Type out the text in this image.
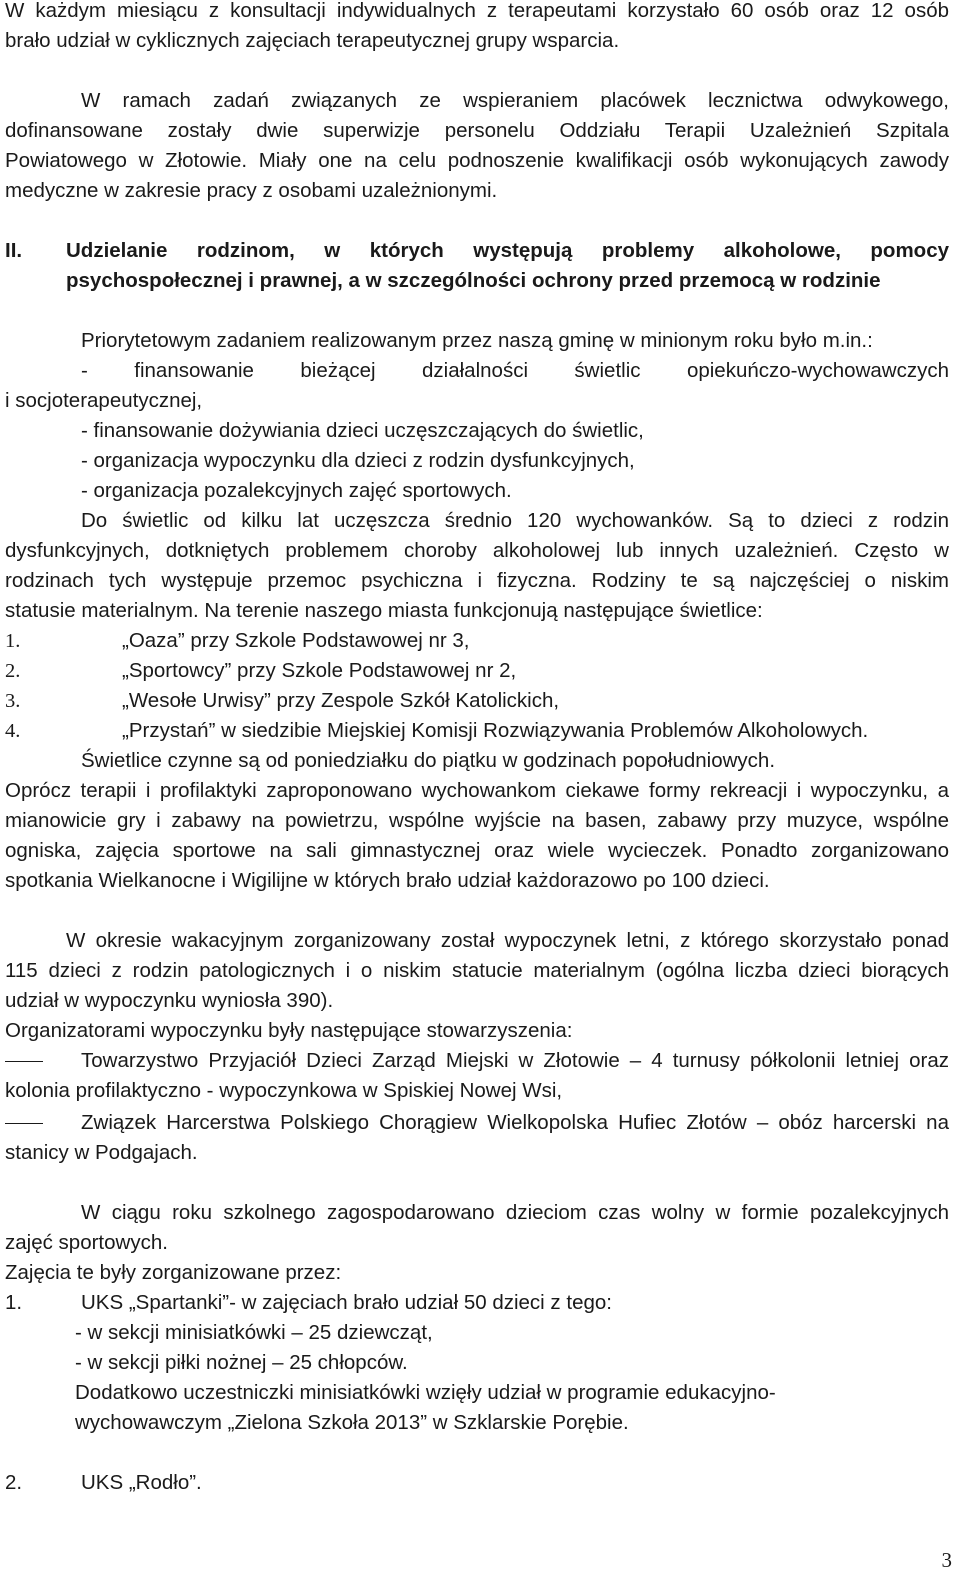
W każdym miesiącu z konsultacji indywidualnych z terapeutami korzystało 60 osób oraz 12 osób
brało udział w cyklicznych zajęciach terapeutycznej grupy wsparcia.
W ramach zadań związanych ze wspieraniem placówek lecznictwa odwykowego,
dofinansowane zostały dwie superwizje personelu Oddziału Terapii Uzależnień Szpitala
Powiatowego w Złotowie. Miały one na celu podnoszenie kwalifikacji osób wykonujących zawody
medyczne w zakresie pracy z osobami uzależnionymi.
II. Udzielanie rodzinom, w których występują problemy alkoholowe, pomocy
psychospołecznej i prawnej, a w szczególności ochrony przed przemocą w rodzinie
Priorytetowym zadaniem realizowanym przez naszą gminę w minionym roku było m.in.:
- finansowanie bieżącej działalności świetlic opiekuńczo-wychowawczych
i socjoterapeutycznej,
- finansowanie dożywiania dzieci uczęszczających do świetlic,
- organizacja wypoczynku dla dzieci z rodzin dysfunkcyjnych,
- organizacja pozalekcyjnych zajęć sportowych.
Do świetlic od kilku lat uczęszcza średnio 120 wychowanków. Są to dzieci z rodzin
dysfunkcyjnych, dotkniętych problemem choroby alkoholowej lub innych uzależnień. Często w
rodzinach tych występuje przemoc psychiczna i fizyczna. Rodziny te są najczęściej o niskim
statusie materialnym. Na terenie naszego miasta funkcjonują następujące świetlice:
1.	„Oaza” przy Szkole Podstawowej nr 3,
2.	„Sportowcy” przy Szkole Podstawowej nr 2,
3.	„Wesołe Urwisy” przy Zespole Szkół Katolickich,
4.	„Przystań” w siedzibie Miejskiej Komisji Rozwiązywania Problemów Alkoholowych.
Świetlice czynne są od poniedziałku do piątku w godzinach popołudniowych.
Oprócz terapii i profilaktyki zaproponowano wychowankom ciekawe formy rekreacji i wypoczynku, a
mianowicie gry i zabawy na powietrzu, wspólne wyjście na basen, zabawy przy muzyce, wspólne
ogniska, zajęcia sportowe na sali gimnastycznej oraz wiele wycieczek. Ponadto zorganizowano
spotkania Wielkanocne i Wigilijne w których brało udział każdorazowo po 100 dzieci.
W okresie wakacyjnym zorganizowany został wypoczynek letni, z którego skorzystało ponad
115 dzieci z rodzin patologicznych i o niskim statucie materialnym (ogólna liczba dzieci biorących
udział w wypoczynku wyniosła 390).
Organizatorami wypoczynku były następujące stowarzyszenia:
Towarzystwo Przyjaciół Dzieci Zarząd Miejski w Złotowie – 4 turnusy półkolonii letniej oraz
kolonia profilaktyczno - wypoczynkowa w Spiskiej Nowej Wsi,
Związek Harcerstwa Polskiego Chorągiew Wielkopolska Hufiec Złotów – obóz harcerski na
stanicy w Podgajach.
W ciągu roku szkolnego zagospodarowano dzieciom czas wolny w formie pozalekcyjnych
zajęć sportowych.
Zajęcia te były zorganizowane przez:
1.	UKS „Spartanki”- w zajęciach brało udział 50 dzieci z tego:
- w sekcji minisiatkówki – 25 dziewcząt,
- w sekcji piłki nożnej – 25 chłopców.
Dodatkowo uczestniczki minisiatkówki wzięły udział w programie edukacyjno-
wychowawczym „Zielona Szkoła 2013” w Szklarskie Porębie.
2.	UKS „Rodło”.
3
